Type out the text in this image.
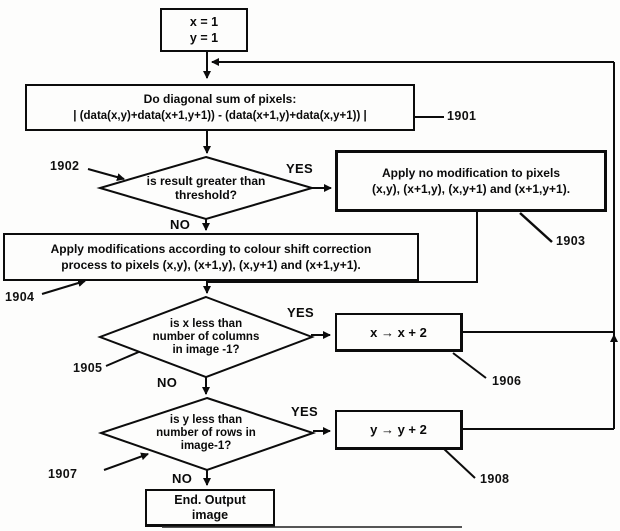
x = 1
y = 1
Do diagonal sum of pixels:
| (data(x,y)+data(x+1,y+1)) - (data(x+1,y)+data(x,y+1)) |
Apply no modification to pixels
(x,y), (x+1,y), (x,y+1) and (x+1,y+1).
Apply modifications according to colour shift correction
process to pixels (x,y), (x+1,y), (x,y+1) and (x+1,y+1).
x → x + 2
y → y + 2
End. Output
image
is result greater than
threshold?
is x less than
number of columns
in image -1?
is y less than
number of rows in
image-1?
YES
NO
YES
NO
YES
NO
1901
1902
1903
1904
1905
1906
1907	1908
